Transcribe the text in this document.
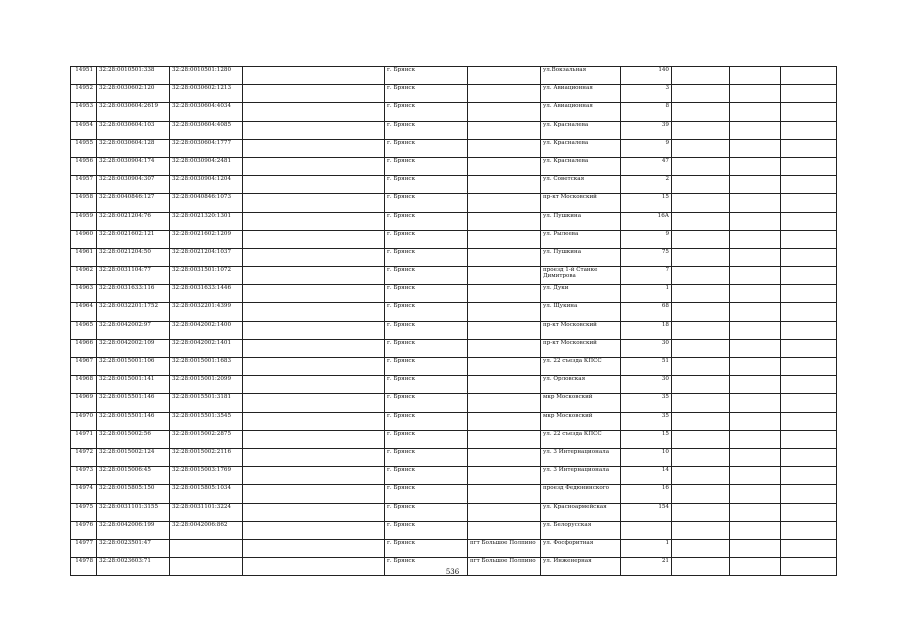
14951	32:28:0010501:338	32:28:0010501:1280		г. Брянск		ул.Вокзальная	140			
14952	32:28:0030602:120	32:28:0030602:1213		г. Брянск		ул. Авиационная	3			
14953	32:28:0030604:2619	32:28:0030604:4034		г. Брянск		ул. Авиационная	8			
14954	32:28:0030604:103	32:28:0030604:4085		г. Брянск		ул. Красналева	39			
14955	32:28:0030604:128	32:28:0030604:1777		г. Брянск		ул. Красналева	9			
14956	32:28:0030904:174	32:28:0030904:2481		г. Брянск		ул. Красналева	47			
14957	32:28:0030904:307	32:28:0030904:1204		г. Брянск		ул. Советская	2			
14958	32:28:0040846:127	32:28:0040846:1073		г. Брянск		пр-кт Московский	15			
14959	32:28:0021204:76	32:28:0021320:1301		г. Брянск		ул. Пушкина	16А			
14960	32:28:0021602:121	32:28:0021602:1209		г. Брянск		ул. Рылеева	9			
14961	32:28:0021204:50	32:28:0021204:1037		г. Брянск		ул. Пушкина	75			
14962	32:28:0031104:77	32:28:0031501:1072		г. Брянск		проезд 1-й Станке Димитрова	7			
14963	32:28:0031633:116	32:28:0031633:1446		г. Брянск		ул. Дуки	1			
14964	32:28:0032201:1752	32:28:0032201:4399		г. Брянск		ул. Щукина	68			
14965	32:28:0042002:97	32:28:0042002:1400		г. Брянск		пр-кт Московский	18			
14966	32:28:0042002:109	32:28:0042002:1401		г. Брянск		пр-кт Московский	30			
14967	32:28:0015001:106	32:28:0015001:1683		г. Брянск		ул. 22 съезда КПСС	51			
14968	32:28:0015001:141	32:28:0015001:2099		г. Брянск		ул. Орловская	30			
14969	32:28:0015501:146	32:28:0015501:3181		г. Брянск		мкр Московский	35			
14970	32:28:0015501:146	32:28:0015501:3545		г. Брянск		мкр Московский	35			
14971	32:28:0015002:56	32:28:0015002:2875		г. Брянск		ул. 22 съезда КПСС	15			
14972	32:28:0015002:124	32:28:0015002:2116		г. Брянск		ул. 3 Интернационала	10			
14973	32:28:0015006:45	32:28:0015003:1769		г. Брянск		ул. 3 Интернационала	14			
14974	32:28:0015805:150	32:28:0015805:1034		г. Брянск		проезд Федюнинского	16			
14975	32:28:0031101:3155	32:28:0031101:3224		г. Брянск		ул. Красноармейская	154			
14976	32:28:0042006:199	32:28:0042006:862		г. Брянск		ул. Белорусская				
14977	32:28:0023501:47			г. Брянск	пгт Большое Полпино	ул. Фосфоритная	1			
14978	32:28:0023603:71			г. Брянск	пгт Большое Полпино	ул. Инженерная	21			
536
